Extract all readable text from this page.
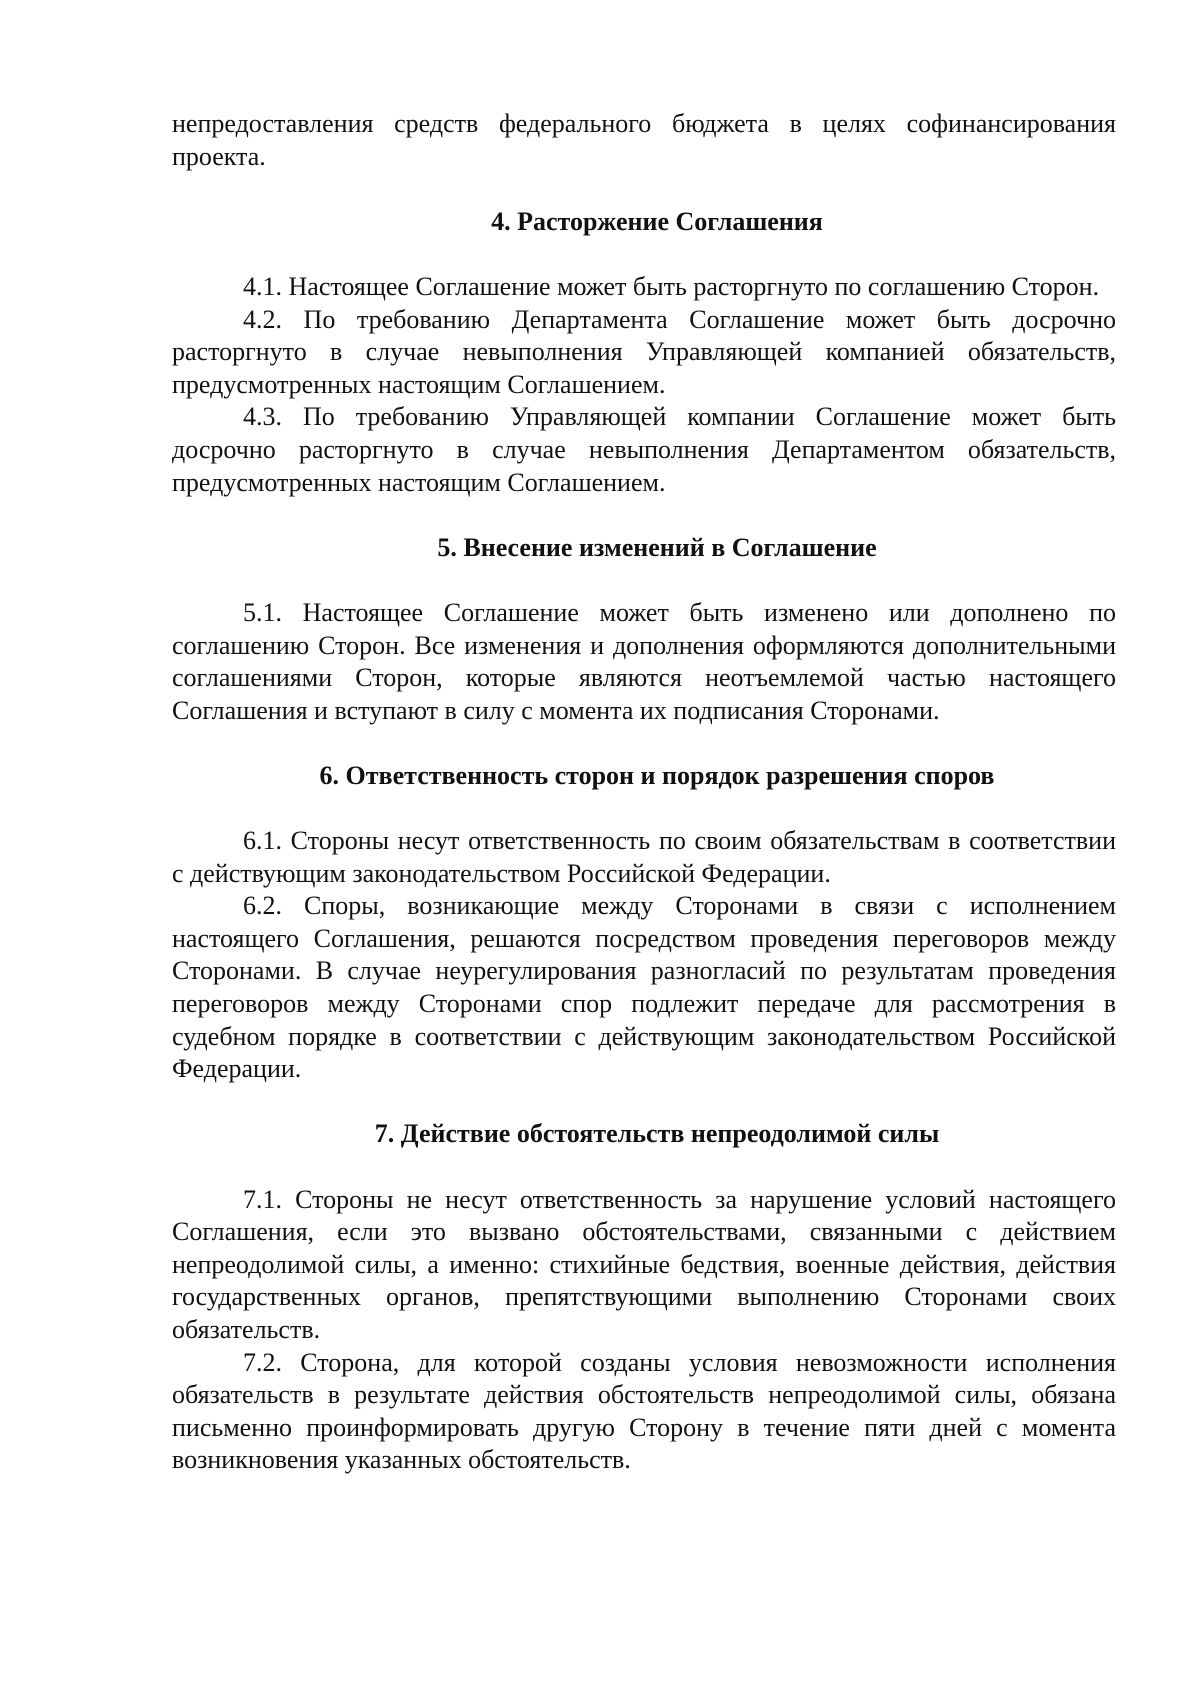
непредоставления средств федерального бюджета в целях софинансирования проекта.

4. Расторжение Соглашения

4.1. Настоящее Соглашение может быть расторгнуто по соглашению Сторон.

4.2. По требованию Департамента Соглашение может быть досрочно расторгнуто в случае невыполнения Управляющей компанией обязательств, предусмотренных настоящим Соглашением.

4.3. По требованию Управляющей компании Соглашение может быть досрочно расторгнуто в случае невыполнения Департаментом обязательств, предусмотренных настоящим Соглашением.

5. Внесение изменений в Соглашение

5.1. Настоящее Соглашение может быть изменено или дополнено по соглашению Сторон. Все изменения и дополнения оформляются дополнительными соглашениями Сторон, которые являются неотъемлемой частью настоящего Соглашения и вступают в силу с момента их подписания Сторонами.

6. Ответственность сторон и порядок разрешения споров

6.1. Стороны несут ответственность по своим обязательствам в соответствии с действующим законодательством Российской Федерации.

6.2. Споры, возникающие между Сторонами в связи с исполнением настоящего Соглашения, решаются посредством проведения переговоров между Сторонами. В случае неурегулирования разногласий по результатам проведения переговоров между Сторонами спор подлежит передаче для рассмотрения в судебном порядке в соответствии с действующим законодательством Российской Федерации.

7. Действие обстоятельств непреодолимой силы

7.1. Стороны не несут ответственность за нарушение условий настоящего Соглашения, если это вызвано обстоятельствами, связанными с действием непреодолимой силы, а именно: стихийные бедствия, военные действия, действия государственных органов, препятствующими выполнению Сторонами своих обязательств.

7.2. Сторона, для которой созданы условия невозможности исполнения обязательств в результате действия обстоятельств непреодолимой силы, обязана письменно проинформировать другую Сторону в течение пяти дней с момента возникновения указанных обстоятельств.
